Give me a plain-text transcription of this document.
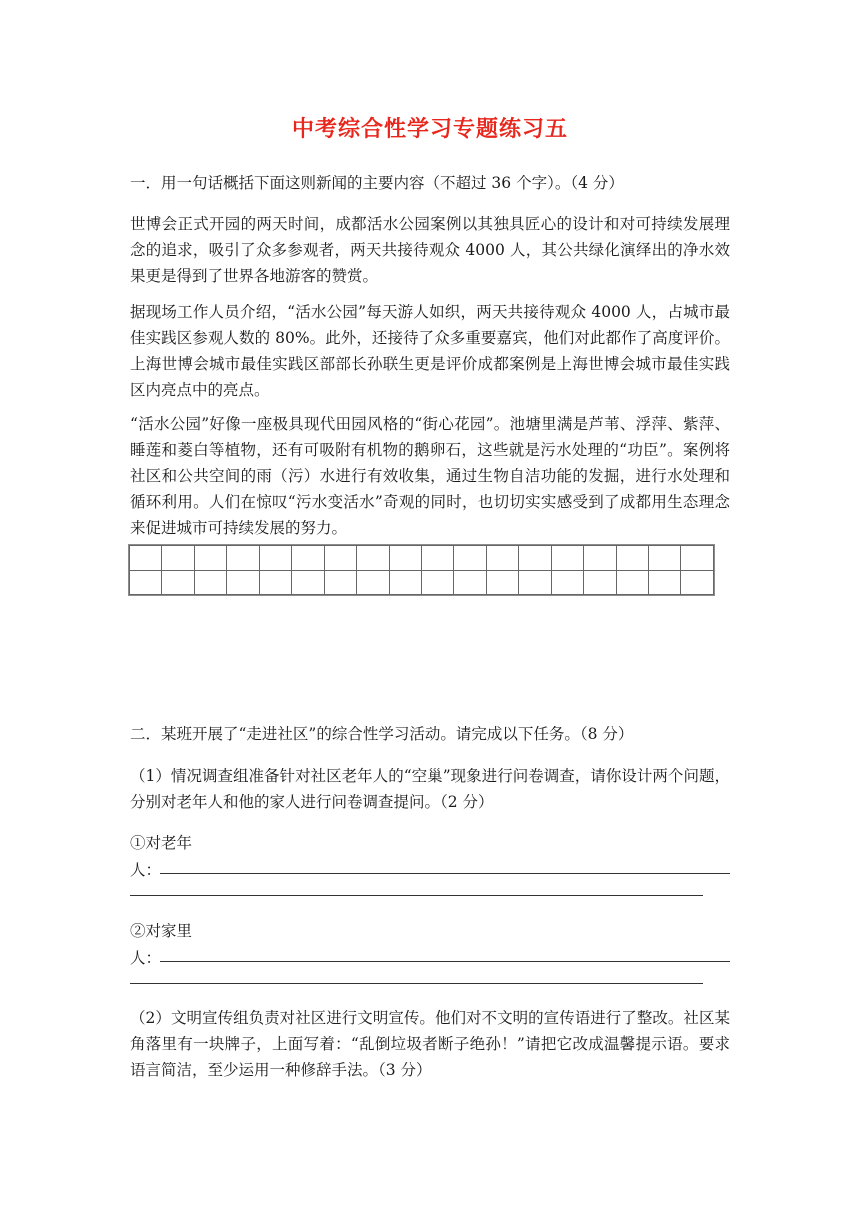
中考综合性学习专题练习五
一．用一句话概括下面这则新闻的主要内容（不超过 36 个字）。（4 分）

世博会正式开园的两天时间，成都活水公园案例以其独具匠心的设计和对可持续发展理念的追求，吸引了众多参观者，两天共接待观众 4000 人，其公共绿化演绎出的净水效果更是得到了世界各地游客的赞赏。

据现场工作人员介绍，“活水公园”每天游人如织，两天共接待观众 4000 人，占城市最佳实践区参观人数的 80%。此外，还接待了众多重要嘉宾，他们对此都作了高度评价。上海世博会城市最佳实践区部部长孙联生更是评价成都案例是上海世博会城市最佳实践区内亮点中的亮点。

“活水公园”好像一座极具现代田园风格的“街心花园”。池塘里满是芦苇、浮萍、紫萍、睡莲和菱白等植物，还有可吸附有机物的鹅卵石，这些就是污水处理的“功臣”。案例将社区和公共空间的雨（污）水进行有效收集，通过生物自洁功能的发掘，进行水处理和循环利用。人们在惊叹“污水变活水”奇观的同时，也切切实实感受到了成都用生态理念来促进城市可持续发展的努力。

二．某班开展了“走进社区”的综合性学习活动。请完成以下任务。（8 分）

（1）情况调查组准备针对社区老年人的“空巢”现象进行问卷调查，请你设计两个问题，分别对老年人和他的家人进行问卷调查提问。（2 分）

①对老年
人：
②对家里
人：

（2）文明宣传组负责对社区进行文明宣传。他们对不文明的宣传语进行了整改。社区某角落里有一块牌子，上面写着：“乱倒垃圾者断子绝孙！”请把它改成温馨提示语。要求语言简洁，至少运用一种修辞手法。（3 分）
